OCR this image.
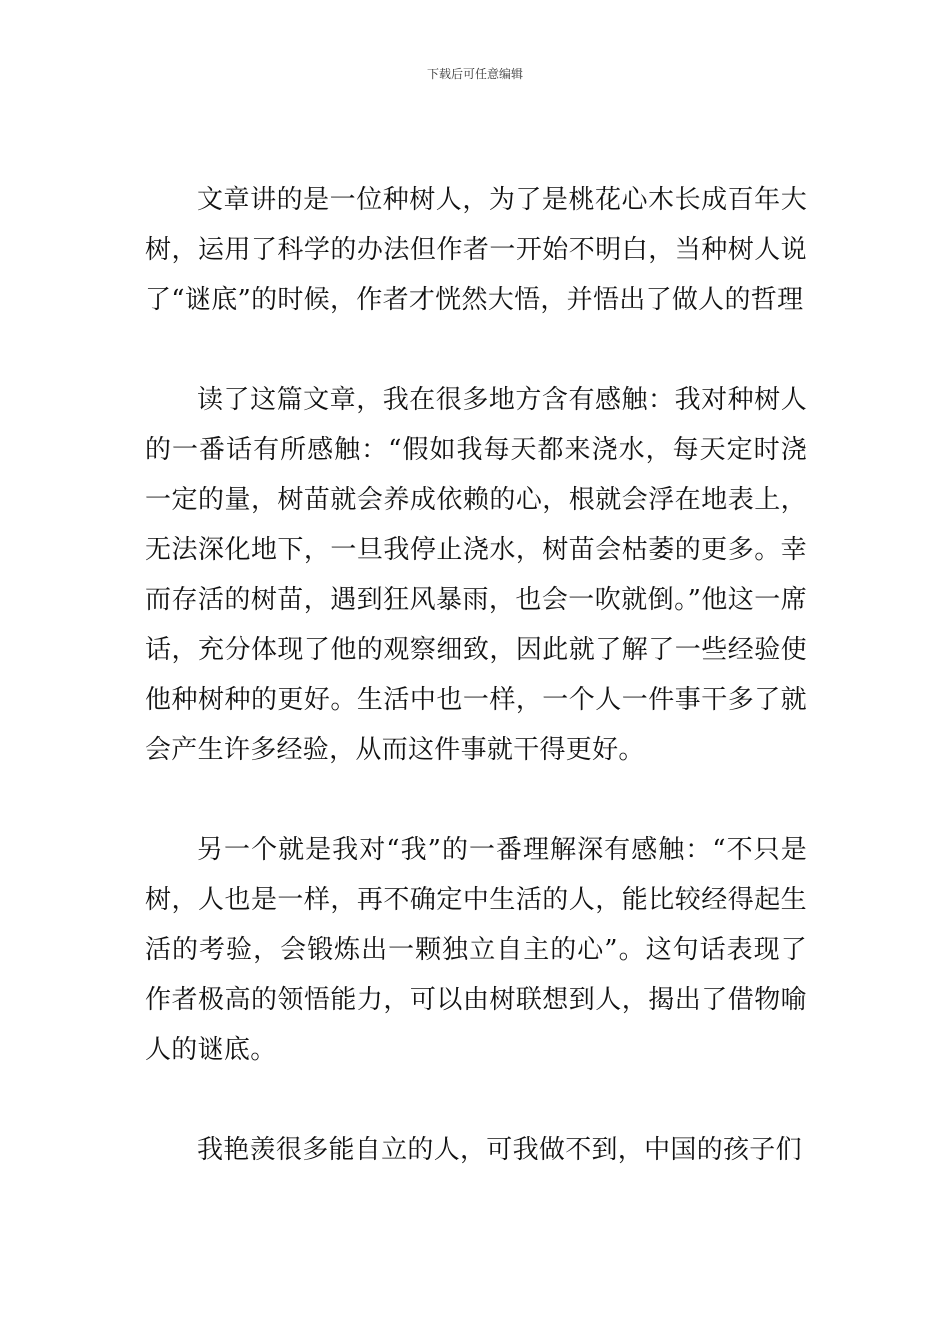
下载后可任意编辑

文章讲的是一位种树人，为了是桃花心木长成百年大树，运用了科学的办法但作者一开始不明白，当种树人说了“谜底”的时候，作者才恍然大悟，并悟出了做人的哲理

读了这篇文章，我在很多地方含有感触：我对种树人的一番话有所感触：“假如我每天都来浇水，每天定时浇一定的量，树苗就会养成依赖的心，根就会浮在地表上，无法深化地下，一旦我停止浇水，树苗会枯萎的更多。幸而存活的树苗，遇到狂风暴雨，也会一吹就倒。”他这一席话，充分体现了他的观察细致，因此就了解了一些经验使他种树种的更好。生活中也一样，一个人一件事干多了就会产生许多经验，从而这件事就干得更好。

另一个就是我对“我”的一番理解深有感触：“不只是树，人也是一样，再不确定中生活的人，能比较经得起生活的考验，会锻炼出一颗独立自主的心”。这句话表现了作者极高的领悟能力，可以由树联想到人，揭出了借物喻人的谜底。

我艳羡很多能自立的人，可我做不到，中国的孩子们
